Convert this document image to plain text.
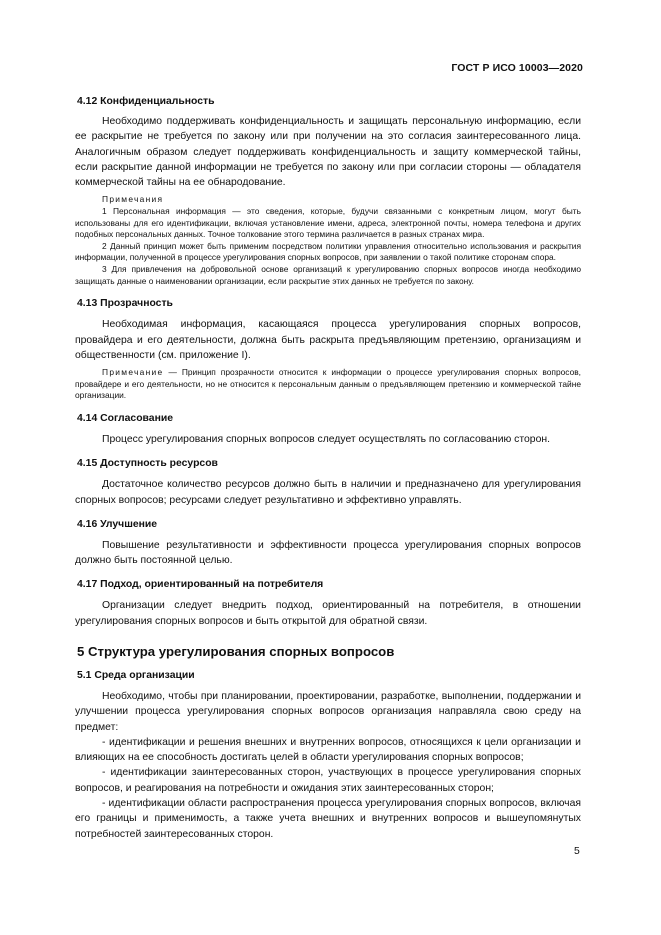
ГОСТ Р ИСО 10003—2020
4.12 Конфиденциальность

Необходимо поддерживать конфиденциальность и защищать персональную информацию, если ее раскрытие не требуется по закону или при получении на это согласия заинтересованного лица. Аналогичным образом следует поддерживать конфиденциальность и защиту коммерческой тайны, если раскрытие данной информации не требуется по закону или при согласии стороны — обладателя коммерческой тайны на ее обнародование.

Примечания

1 Персональная информация — это сведения, которые, будучи связанными с конкретным лицом, могут быть использованы для его идентификации, включая установление имени, адреса, электронной почты, номера телефона и других подобных персональных данных. Точное толкование этого термина различается в разных странах мира.

2 Данный принцип может быть применим посредством политики управления относительно использования и раскрытия информации, полученной в процессе урегулирования спорных вопросов, при заявлении о такой политике сторонам спора.

3 Для привлечения на добровольной основе организаций к урегулированию спорных вопросов иногда необходимо защищать данные о наименовании организации, если раскрытие этих данных не требуется по закону.

4.13 Прозрачность

Необходимая информация, касающаяся процесса урегулирования спорных вопросов, провайдера и его деятельности, должна быть раскрыта предъявляющим претензию, организациям и общественности (см. приложение I).

Примечание — Принцип прозрачности относится к информации о процессе урегулирования спорных вопросов, провайдере и его деятельности, но не относится к персональным данным о предъявляющем претензию и коммерческой тайне организации.

4.14 Согласование

Процесс урегулирования спорных вопросов следует осуществлять по согласованию сторон.

4.15 Доступность ресурсов

Достаточное количество ресурсов должно быть в наличии и предназначено для урегулирования спорных вопросов; ресурсами следует результативно и эффективно управлять.

4.16 Улучшение

Повышение результативности и эффективности процесса урегулирования спорных вопросов должно быть постоянной целью.

4.17 Подход, ориентированный на потребителя

Организации следует внедрить подход, ориентированный на потребителя, в отношении урегулирования спорных вопросов и быть открытой для обратной связи.

5 Структура урегулирования спорных вопросов
5.1 Среда организации

Необходимо, чтобы при планировании, проектировании, разработке, выполнении, поддержании и улучшении процесса урегулирования спорных вопросов организация направляла свою среду на предмет:

- идентификации и решения внешних и внутренних вопросов, относящихся к цели организации и влияющих на ее способность достигать целей в области урегулирования спорных вопросов;

- идентификации заинтересованных сторон, участвующих в процессе урегулирования спорных вопросов, и реагирования на потребности и ожидания этих заинтересованных сторон;

- идентификации области распространения процесса урегулирования спорных вопросов, включая его границы и применимость, а также учета внешних и внутренних вопросов и вышеупомянутых потребностей заинтересованных сторон.

5
